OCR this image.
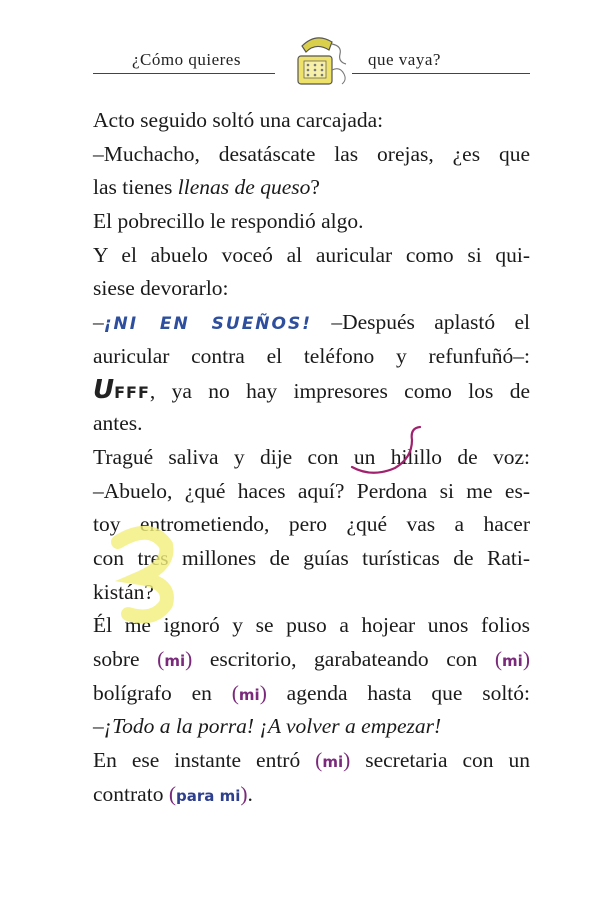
¿Cómo quieres	que vaya?
Acto seguido soltó una carcajada:
–Muchacho, desatáscate las orejas, ¿es que
las tienes llenas de queso?
El pobrecillo le respondió algo.
Y el abuelo voceó al auricular como si qui-
siese devorarlo:
–¡NI EN SUEÑOS! –Después aplastó el
auricular contra el teléfono y refunfuñó–:
UFFF, ya no hay impresores como los de
antes.
Tragué saliva y dije con un hilillo de voz:
–Abuelo, ¿qué haces aquí? Perdona si me es-
toy entrometiendo, pero ¿qué vas a hacer
con tres millones de guías turísticas de Rati-
kistán?
Él me ignoró y se puso a hojear unos folios
sobre (mi) escritorio, garabateando con (mi)
bolígrafo en (mi) agenda hasta que soltó:
–¡Todo a la porra! ¡A volver a empezar!
En ese instante entró (mi) secretaria con un
contrato (para mi).
